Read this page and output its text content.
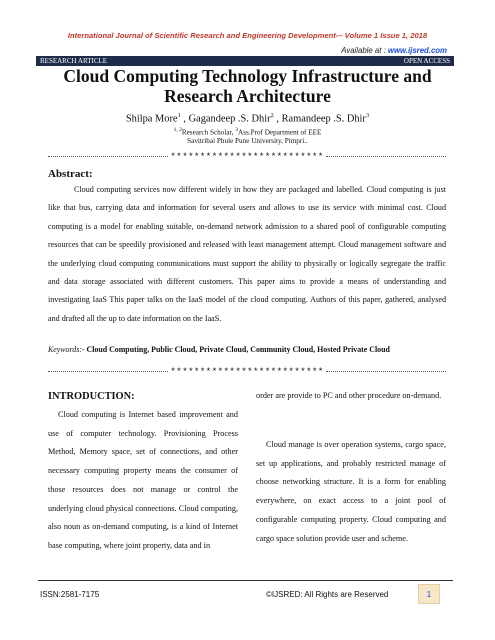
International Journal of Scientific Research and Engineering Development-– Volume 1 Issue 1, 2018
Available at : www.ijsred.com
RESEARCH ARTICLE	OPEN ACCESS
Cloud Computing Technology Infrastructure and Research Architecture
Shilpa More$^1$ , Gagandeep .S. Dhir$^2$ , Ramandeep .S. Dhir$^3$
$^{1, 2}$Research Scholar, $^3$Ass.Prof Department of EEE
Savitribai Phule Pune University, Pimpri..
**************************
Abstract:
Cloud computing services now different widely in how they are packaged and labelled. Cloud computing is just like that bus, carrying data and information for several users and allows to use its service with minimal cost. Cloud computing is a model for enabling suitable, on-demand network admission to a shared pool of configurable computing resources that can be speedily provisioned and released with least management attempt. Cloud management software and the underlying cloud computing communications must support the ability to physically or logically segregate the traffic and data storage associated with different customers. This paper aims to provide a means of understanding and investigating IaaS This paper talks on the IaaS model of the cloud computing. Authors of this paper, gathered, analysed and drafted all the up to date information on the IaaS.
Keywords:- Cloud Computing, Public Cloud, Private Cloud, Community Cloud, Hosted Private Cloud
**************************
INTRODUCTION:
Cloud computing is Internet based improvement and use of computer technology. Provisioning Process Method, Memory space, set of connections, and other necessary computing property means the consumer of those resources does not manage or control the underlying cloud physical connections. Cloud computing, also noun as on-demand computing, is a kind of Internet base computing, where joint property, data and in
order are provide to PC and other procedure on-demand.
Cloud manage is over operation systems, cargo space, set up applications, and probably restricted manage of choose networking structure. It is a form for enabling everywhere, on exact access to a joint pool of configurable computing property. Cloud computing and cargo space solution provide user and scheme.
ISSN:2581-7175	©IJSRED: All Rights are Reserved	1
